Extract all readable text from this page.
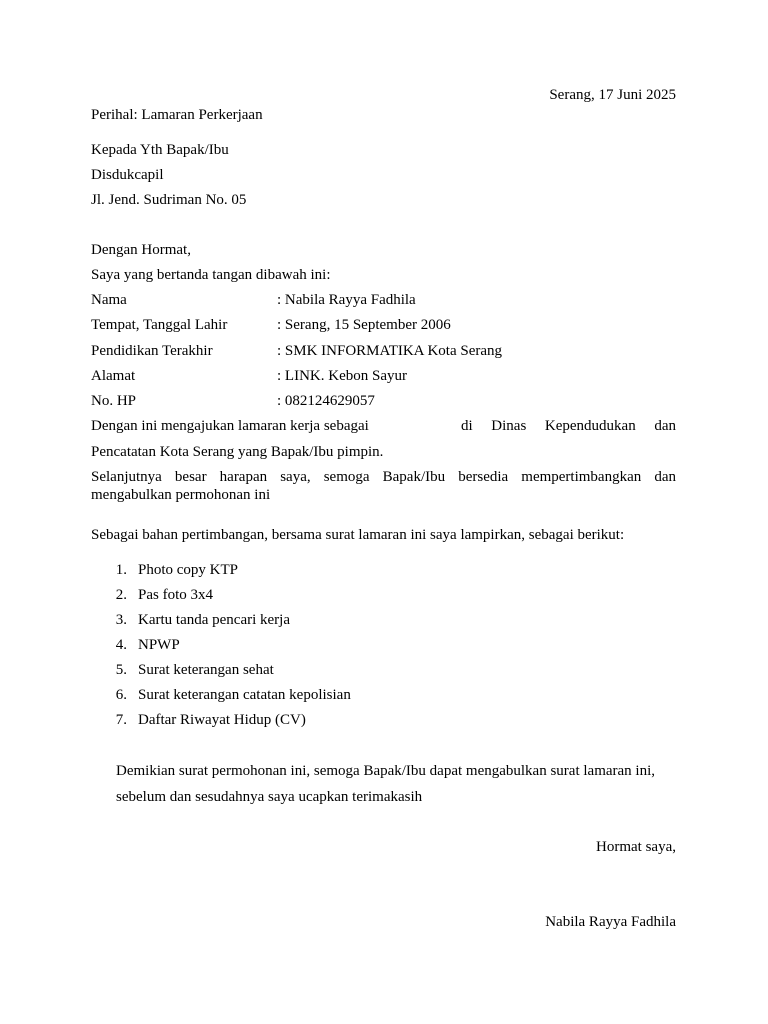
Serang, 17 Juni 2025
Perihal: Lamaran Perkerjaan
Kepada Yth Bapak/Ibu
Disdukcapil
Jl. Jend. Sudriman No. 05
Dengan Hormat,
Saya yang bertanda tangan dibawah ini:
Nama	: Nabila Rayya Fadhila
Tempat, Tanggal Lahir	: Serang, 15 September 2006
Pendidikan Terakhir	: SMK INFORMATIKA Kota Serang
Alamat	: LINK. Kebon Sayur
No. HP	: 082124629057
Dengan ini mengajukan lamaran kerja sebagai	di Dinas Kependudukan dan
Pencatatan Kota Serang yang Bapak/Ibu pimpin.
Selanjutnya besar harapan saya, semoga Bapak/Ibu bersedia mempertimbangkan dan mengabulkan permohonan ini
Sebagai bahan pertimbangan, bersama surat lamaran ini saya lampirkan, sebagai berikut:
1. Photo copy KTP
2. Pas foto 3x4
3. Kartu tanda pencari kerja
4. NPWP
5. Surat keterangan sehat
6. Surat keterangan catatan kepolisian
7. Daftar Riwayat Hidup (CV)
Demikian surat permohonan ini, semoga Bapak/Ibu dapat mengabulkan surat lamaran ini,
sebelum dan sesudahnya saya ucapkan terimakasih
Hormat saya,
Nabila Rayya Fadhila
